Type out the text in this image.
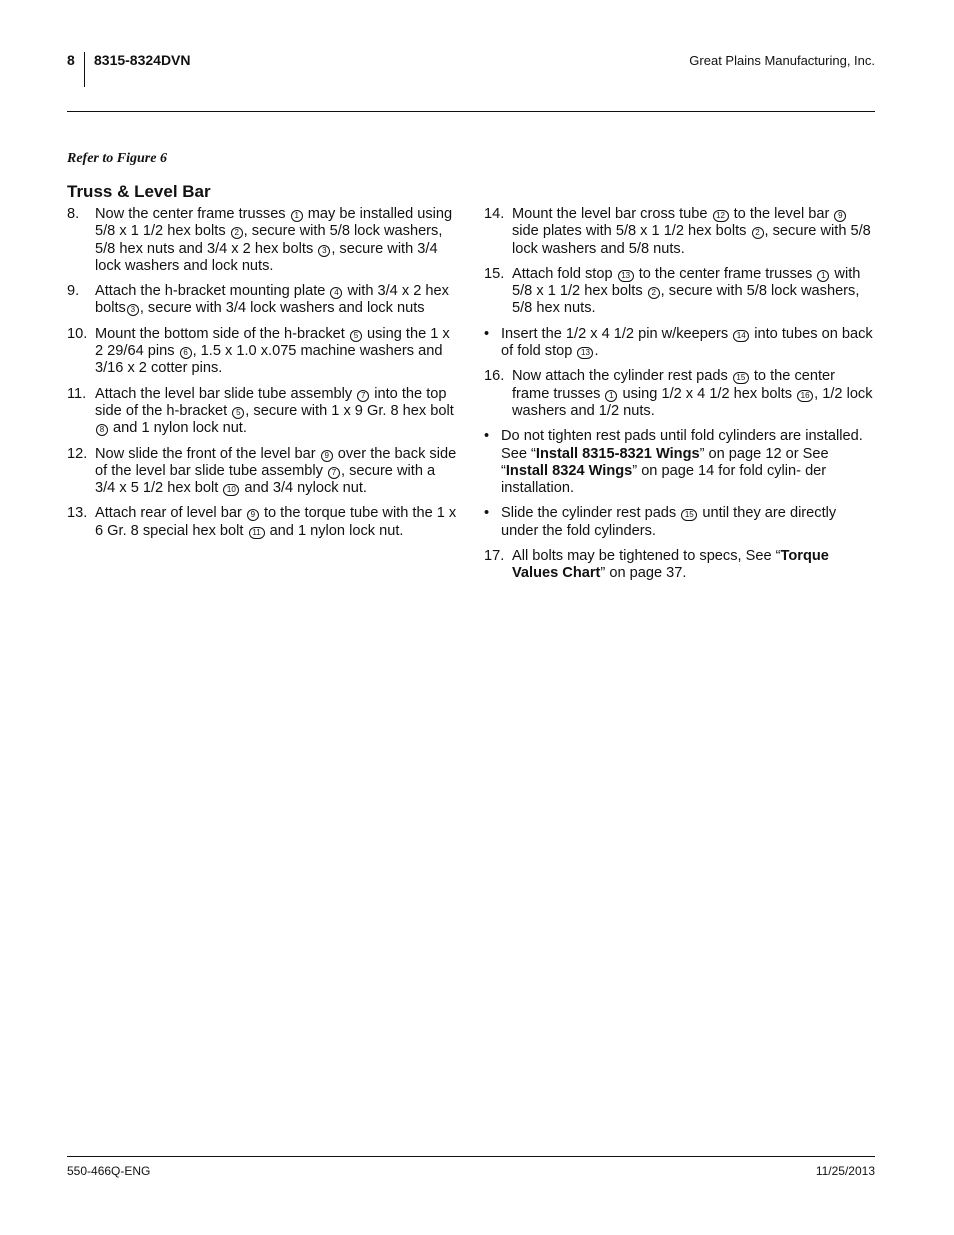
8 8315-8324DVN	Great Plains Manufacturing, Inc.
Refer to Figure 6
Truss & Level Bar
8.	Now the center frame trusses 1 may be installed using 5/8 x 1 1/2 hex bolts 2 , secure with 5/8 lock washers, 5/8 hex nuts and 3/4 x 2 hex bolts 3 , secure with 3/4 lock washers and lock nuts.
9.	Attach the h-bracket mounting plate 4 with 3/4 x 2 hex bolts 3 , secure with 3/4 lock washers and lock nuts
10. Mount the bottom side of the h-bracket 5 using the 1 x 2 29/64 pins 6 , 1.5 x 1.0 x.075 machine washers and 3/16 x 2 cotter pins.
11. Attach the level bar slide tube assembly 7 into the top side of the h-bracket 5 , secure with 1 x 9 Gr. 8 hex bolt 8 and 1 nylon lock nut.
12. Now slide the front of the level bar 9 over the back side of the level bar slide tube assembly 7 , secure with a 3/4 x 5 1/2 hex bolt 10 and 3/4 nylock nut.
13. Attach rear of level bar 9 to the torque tube with the 1 x 6 Gr. 8 special hex bolt 11 and 1 nylon lock nut.
14. Mount the level bar cross tube 12 to the level bar 9 side plates with 5/8 x 1 1/2 hex bolts 2 , secure with 5/8 lock washers and 5/8 nuts.
15. Attach fold stop 13 to the center frame trusses 1 with 5/8 x 1 1/2 hex bolts 2 , secure with 5/8 lock washers, 5/8 hex nuts.
• Insert the 1/2 x 4 1/2 pin w/keepers 14 into tubes on back of fold stop 13 .
16. Now attach the cylinder rest pads 15 to the center frame trusses 1 using 1/2 x 4 1/2 hex bolts 16 , 1/2 lock washers and 1/2 nuts.
• Do not tighten rest pads until fold cylinders are installed. See “Install 8315-8321 Wings” on page 12 or See “Install 8324 Wings” on page 14 for fold cylin- der installation.
• Slide the cylinder rest pads 15 until they are directly under the fold cylinders.
17. All bolts may be tightened to specs, See “Torque Values Chart” on page 37.
550-466Q-ENG	11/25/2013
